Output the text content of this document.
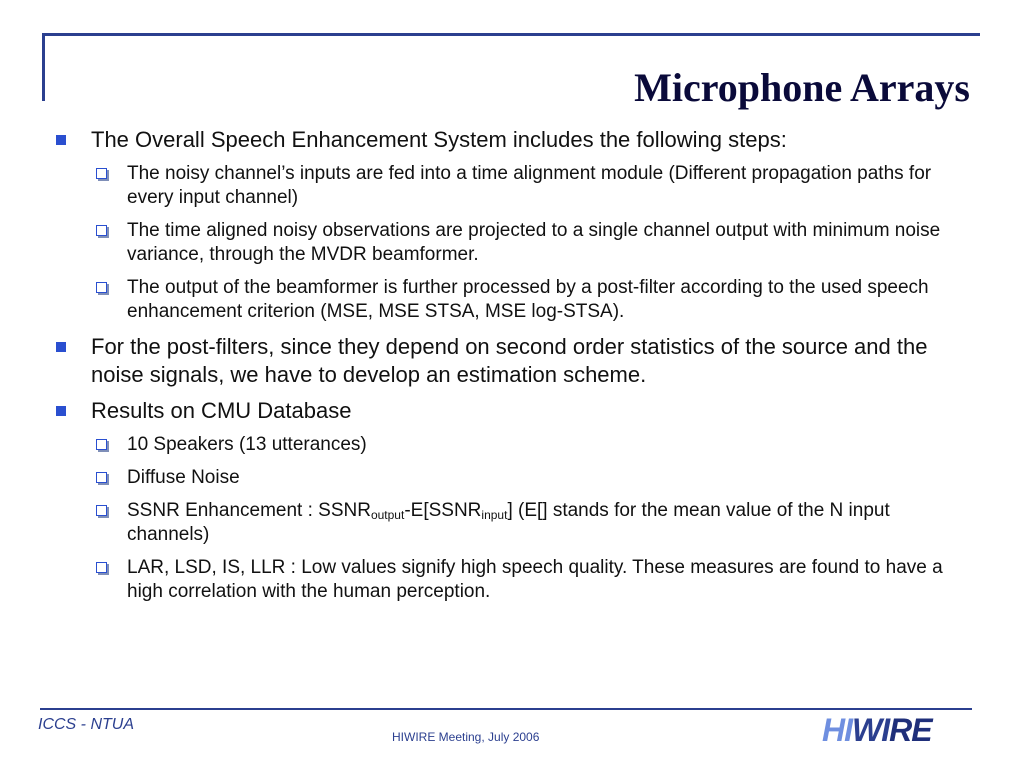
Microphone Arrays
The Overall Speech Enhancement System includes the following steps:
The noisy channel’s inputs are fed into a time alignment module (Different propagation paths for every input channel)
The time aligned noisy observations are projected to a single channel output with minimum noise variance, through the MVDR beamformer.
The output of the beamformer is further processed by a post-filter according to the used speech enhancement criterion (MSE, MSE STSA, MSE log-STSA).
For the post-filters, since they depend on second order statistics of the source and the noise signals, we have to develop an estimation scheme.
Results on CMU Database
10 Speakers (13 utterances)
Diffuse Noise
SSNR Enhancement : $SSNR_{output}-E[SSNR_{input}]$ (E[] stands for the mean value of the N input channels)
LAR, LSD, IS, LLR : Low values signify high speech quality. These measures are found to have a high correlation with the human perception.
ICCS - NTUA
HIWIRE Meeting, July 2006	HIWIRE
